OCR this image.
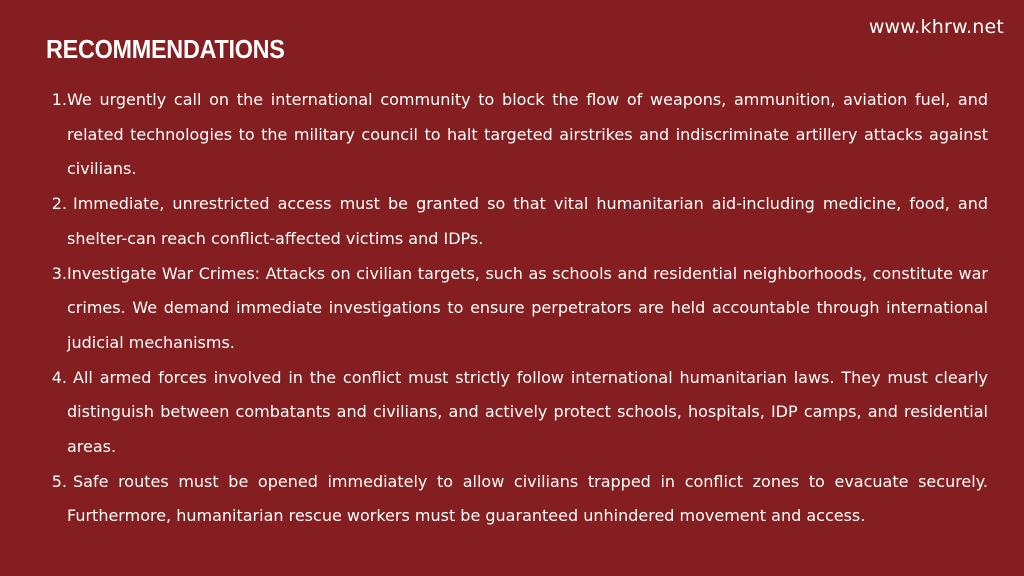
www.khrw.net
RECOMMENDATIONS
1. We urgently call on the international community to block the flow of weapons, ammunition, aviation fuel, and related technologies to the military council to halt targeted airstrikes and indiscriminate artillery attacks against civilians.
2. Immediate, unrestricted access must be granted so that vital humanitarian aid-including medicine, food, and shelter-can reach conflict-affected victims and IDPs.
3. Investigate War Crimes: Attacks on civilian targets, such as schools and residential neighborhoods, constitute war crimes. We demand immediate investigations to ensure perpetrators are held accountable through international judicial mechanisms.
4. All armed forces involved in the conflict must strictly follow international humanitarian laws. They must clearly distinguish between combatants and civilians, and actively protect schools, hospitals, IDP camps, and residential areas.
5. Safe routes must be opened immediately to allow civilians trapped in conflict zones to evacuate securely. Furthermore, humanitarian rescue workers must be guaranteed unhindered movement and access.
